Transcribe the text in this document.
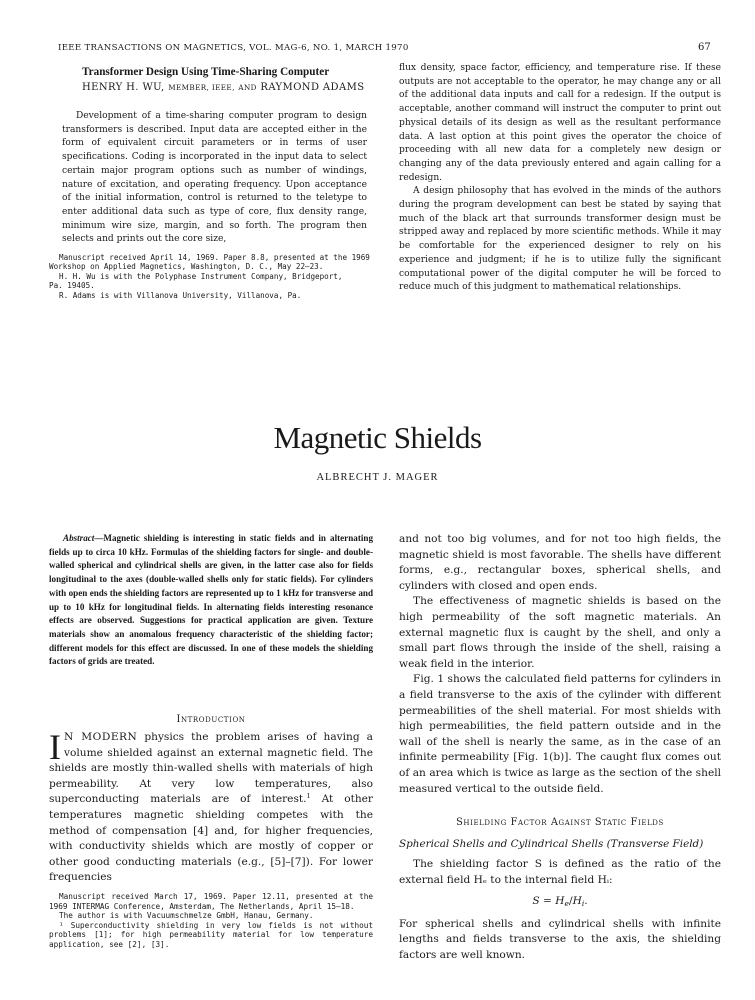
IEEE TRANSACTIONS ON MAGNETICS, VOL. MAG-6, NO. 1, MARCH 1970	67
Transformer Design Using Time-Sharing Computer
HENRY H. WU, MEMBER, IEEE, AND RAYMOND ADAMS

Development of a time-sharing computer program to design transformers is described. Input data are accepted either in the form of equivalent circuit parameters or in terms of user specifications. Coding is incorporated in the input data to select certain major program options such as number of windings, nature of excitation, and operating frequency. Upon acceptance of the initial information, control is returned to the teletype to enter additional data such as type of core, flux density range, minimum wire size, margin, and so forth. The program then selects and prints out the core size,

Manuscript received April 14, 1969. Paper 8.8, presented at the 1969

Workshop on Applied Magnetics, Washington, D. C., May 22–23.

H. H. Wu is with the Polyphase Instrument Company, Bridgeport,

Pa. 19405.

R. Adams is with Villanova University, Villanova, Pa.

flux density, space factor, efficiency, and temperature rise. If these outputs are not acceptable to the operator, he may change any or all of the additional data inputs and call for a redesign. If the output is acceptable, another command will instruct the computer to print out physical details of its design as well as the resultant performance data. A last option at this point gives the operator the choice of proceeding with all new data for a completely new design or changing any of the data previously entered and again calling for a redesign.

A design philosophy that has evolved in the minds of the authors during the program development can best be stated by saying that much of the black art that surrounds transformer design must be stripped away and replaced by more scientific methods. While it may be comfortable for the experienced designer to rely on his experience and judgment; if he is to utilize fully the significant computational power of the digital computer he will be forced to reduce much of this judgment to mathematical relationships.

Magnetic Shields
ALBRECHT J. MAGER

Abstract—Magnetic shielding is interesting in static fields and in alternating fields up to circa 10 kHz. Formulas of the shielding factors for single- and double-walled spherical and cylindrical shells are given, in the latter case also for fields longitudinal to the axes (double-walled shells only for static fields). For cylinders with open ends the shielding factors are represented up to 1 kHz for transverse and up to 10 kHz for longitudinal fields. In alternating fields interesting resonance effects are observed. Suggestions for practical application are given. Texture materials show an anomalous frequency characteristic of the shielding factor; different models for this effect are discussed. In one of these models the shielding factors of grids are treated.

Introduction

I N MODERN physics the problem arises of having a volume shielded against an external magnetic field. The shields are mostly thin-walled shells with materials of high permeability. At very low temperatures, also superconducting materials are of interest.$^1$ At other temperatures magnetic shielding competes with the method of compensation [4] and, for higher frequencies, with conductivity shields which are mostly of copper or other good conducting materials (e.g., [5]–[7]). For lower frequencies

Manuscript received March 17, 1969. Paper 12.11, presented at the 1969 INTERMAG Conference, Amsterdam, The Netherlands, April 15–18.

The author is with Vacuumschmelze GmbH, Hanau, Germany.

¹ Superconductivity shielding in very low fields is not without problems [1]; for high permeability material for low temperature application, see [2], [3].

and not too big volumes, and for not too high fields, the magnetic shield is most favorable. The shells have different forms, e.g., rectangular boxes, spherical shells, and cylinders with closed and open ends.

The effectiveness of magnetic shields is based on the high permeability of the soft magnetic materials. An external magnetic flux is caught by the shell, and only a small part flows through the inside of the shell, raising a weak field in the interior.

Fig. 1 shows the calculated field patterns for cylinders in a field transverse to the axis of the cylinder with different permeabilities of the shell material. For most shields with high permeabilities, the field pattern outside and in the wall of the shell is nearly the same, as in the case of an infinite permeability [Fig. 1(b)]. The caught flux comes out of an area which is twice as large as the section of the shell measured vertical to the outside field.

Shielding Factor Against Static Fields
Spherical Shells and Cylindrical Shells (Transverse Field)

The shielding factor S is defined as the ratio of the external field Hₑ to the internal field Hᵢ:

$S = H_e/H_i$.

For spherical shells and cylindrical shells with infinite lengths and fields transverse to the axis, the shielding factors are well known.
